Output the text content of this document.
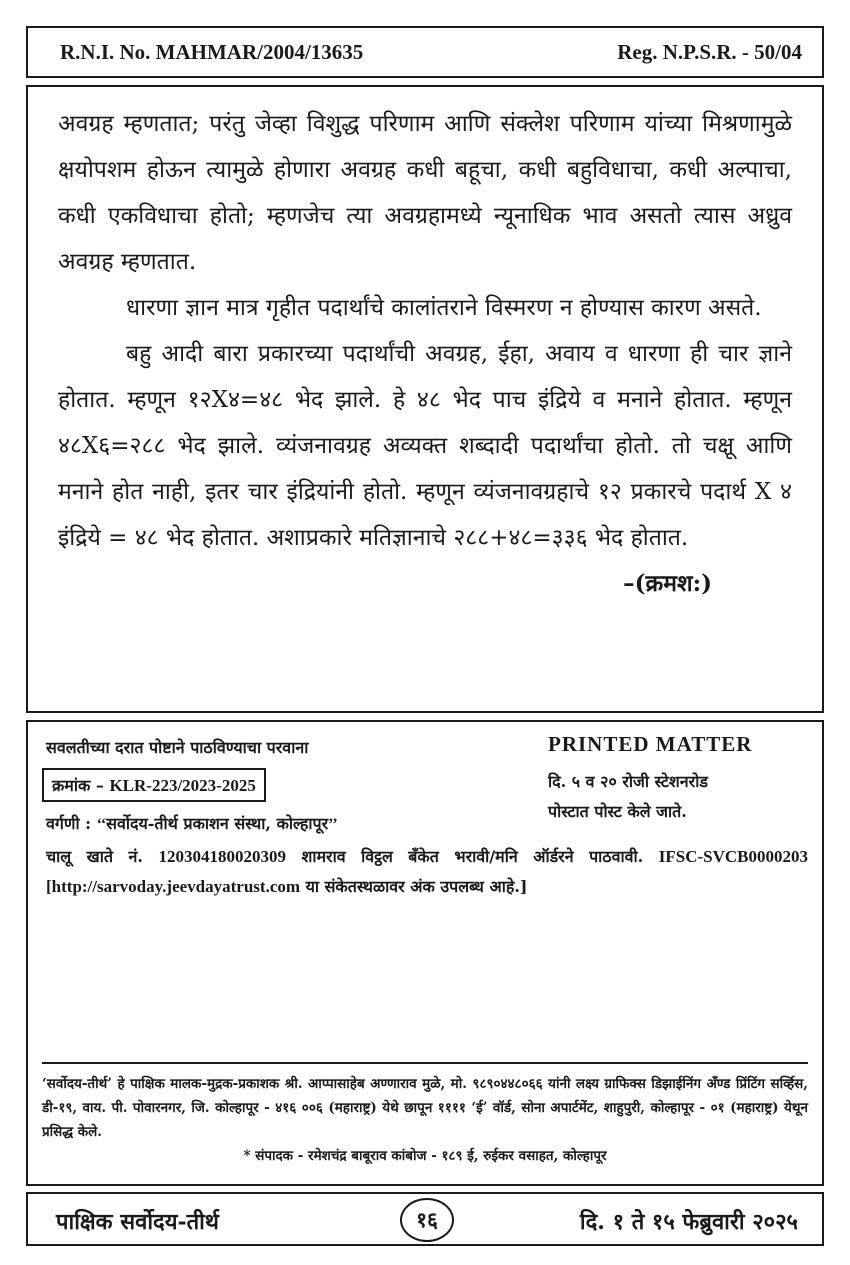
R.N.I. No. MAHMAR/2004/13635	Reg. N.P.S.R. - 50/04

अवग्रह म्हणतात; परंतु जेव्हा विशुद्ध परिणाम आणि संक्लेश परिणाम यांच्या मिश्रणामुळे क्षयोपशम होऊन त्यामुळे होणारा अवग्रह कधी बहूचा, कधी बहुविधाचा, कधी अल्पाचा, कधी एकविधाचा होतो; म्हणजेच त्या अवग्रहामध्ये न्यूनाधिक भाव असतो त्यास अध्रुव अवग्रह म्हणतात.

धारणा ज्ञान मात्र गृहीत पदार्थांचे कालांतराने विस्मरण न होण्यास कारण असते.

बहु आदी बारा प्रकारच्या पदार्थांची अवग्रह, ईहा, अवाय व धारणा ही चार ज्ञाने होतात. म्हणून १२X४=४८ भेद झाले. हे ४८ भेद पाच इंद्रिये व मनाने होतात. म्हणून ४८X६=२८८ भेद झाले. व्यंजनावग्रह अव्यक्त शब्दादी पदार्थांचा होतो. तो चक्षू आणि मनाने होत नाही, इतर चार इंद्रियांनी होतो. म्हणून व्यंजनावग्रहाचे १२ प्रकारचे पदार्थ X ४ इंद्रिये = ४८ भेद होतात. अशाप्रकारे मतिज्ञानाचे २८८+४८=३३६ भेद होतात.

–(क्रमश:)
सवलतीच्या दरात पोष्टाने पाठविण्याचा परवाना
क्रमांक – KLR-223/2023-2025
वर्गणी : ‘‘सर्वोदय-तीर्थ प्रकाशन संस्था, कोल्हापूर’’
PRINTED MATTER
दि. ५ व २० रोजी स्टेशनरोड
पोस्टात पोस्ट केले जाते.
चालू खाते नं. 120304180020309 शामराव विट्ठल बँकेत भरावी/मनि ऑर्डरने पाठवावी. IFSC-SVCB0000203 [http://sarvoday.jeevdayatrust.com या संकेतस्थळावर अंक उपलब्ध आहे.]
‘सर्वोदय-तीर्थ’ हे पाक्षिक मालक-मुद्रक-प्रकाशक श्री. आप्पासाहेब अण्णाराव मुळे, मो. ९८९०४४८०६६ यांनी लक्ष्य ग्राफिक्स डिझाईनिंग अँण्ड प्रिंटिंग सर्व्हिस, डी-१९, वाय. पी. पोवारनगर, जि. कोल्हापूर - ४१६ ००६ (महाराष्ट्र) येथे छापून ११११ ‘ई’ वॉर्ड, सोना अपार्टमेंट, शाहुपुरी, कोल्हापूर - ०१ (महाराष्ट्र) येथून प्रसिद्ध केले.
* संपादक - रमेशचंद्र बाबूराव कांबोज - १८९ ई, रुईकर वसाहत, कोल्हापूर
पाक्षिक सर्वोदय-तीर्थ	१६	दि. १ ते १५ फेब्रुवारी २०२५
